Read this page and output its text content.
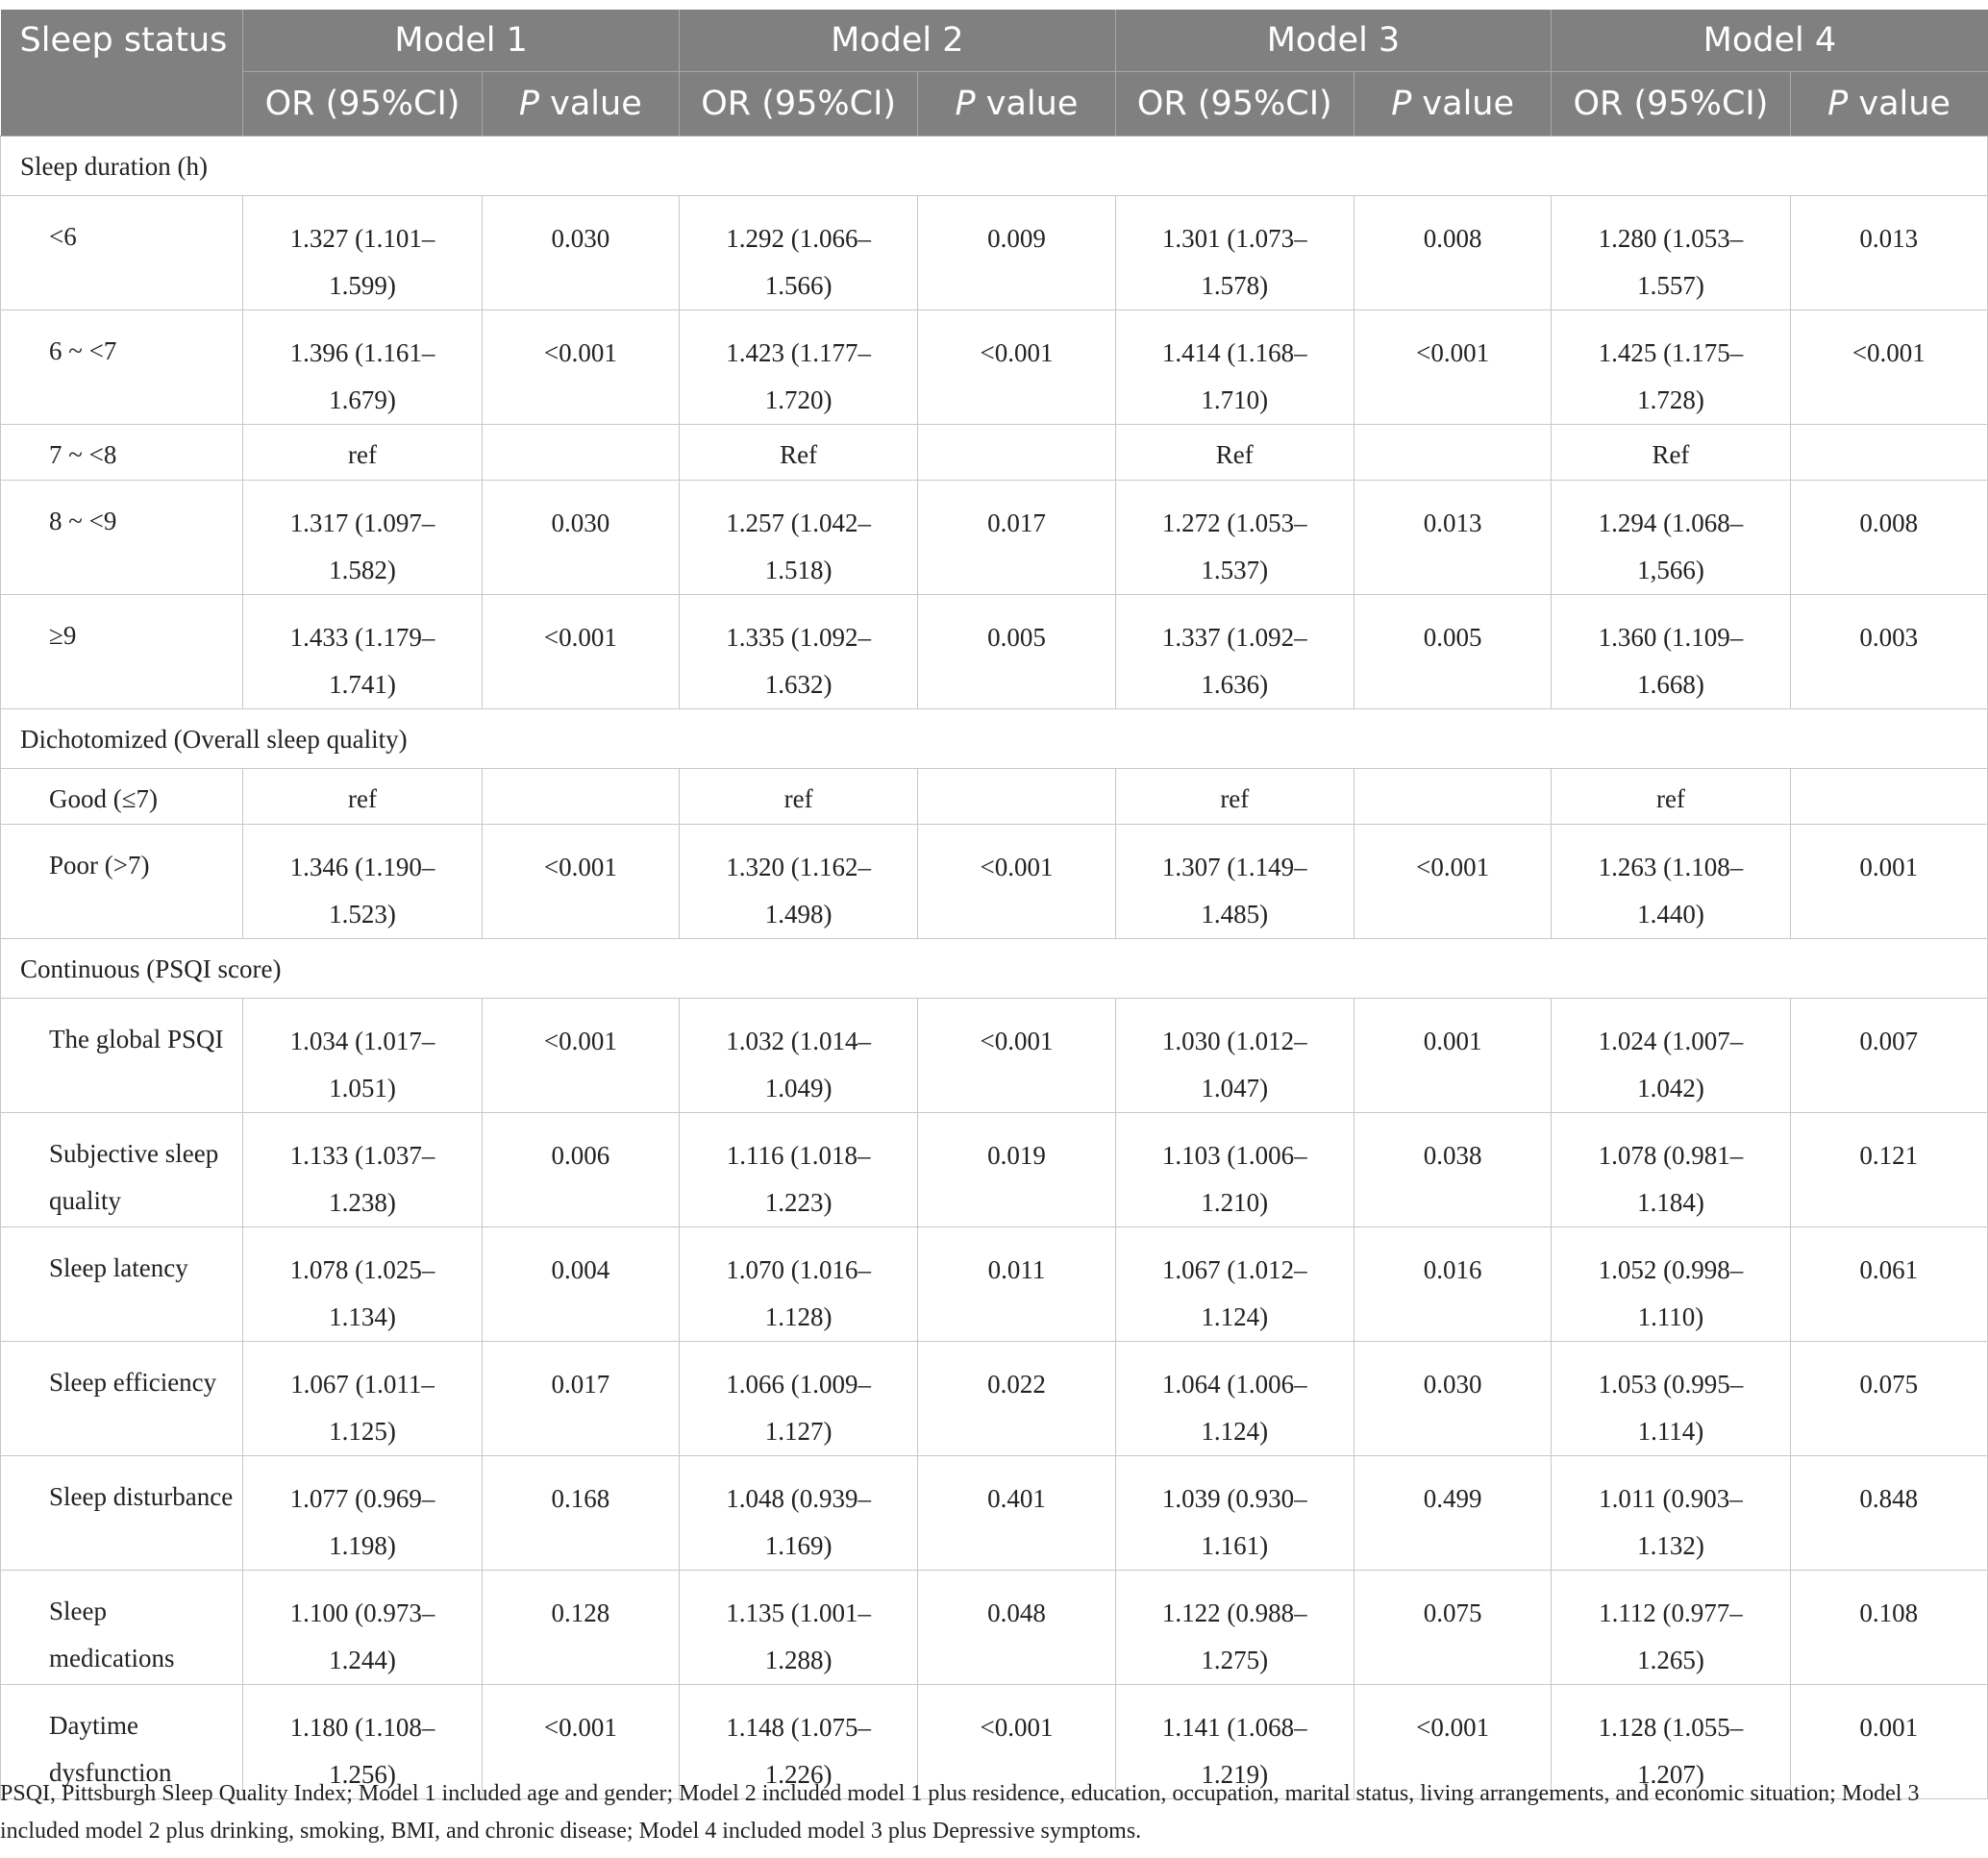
Sleep status	Model 1		Model 2		Model 3		Model 4	
	OR (95%CI)	P value	OR (95%CI)	P value	OR (95%CI)	P value	OR (95%CI)	P value
Sleep duration (h)								
<6	1.327 (1.101–1.599)	0.030	1.292 (1.066–1.566)	0.009	1.301 (1.073–1.578)	0.008	1.280 (1.053–1.557)	0.013
6 ~ <7	1.396 (1.161–1.679)	<0.001	1.423 (1.177–1.720)	<0.001	1.414 (1.168–1.710)	<0.001	1.425 (1.175–1.728)	<0.001
7 ~ <8	ref		Ref		Ref		Ref	
8 ~ <9	1.317 (1.097–1.582)	0.030	1.257 (1.042–1.518)	0.017	1.272 (1.053–1.537)	0.013	1.294 (1.068–1,566)	0.008
≥9	1.433 (1.179–1.741)	<0.001	1.335 (1.092–1.632)	0.005	1.337 (1.092–1.636)	0.005	1.360 (1.109–1.668)	0.003
Dichotomized (Overall sleep quality)								
Good (≤7)	ref		ref		ref		ref	
Poor (>7)	1.346 (1.190–1.523)	<0.001	1.320 (1.162–1.498)	<0.001	1.307 (1.149–1.485)	<0.001	1.263 (1.108–1.440)	0.001
Continuous (PSQI score)								
The global PSQI	1.034 (1.017–1.051)	<0.001	1.032 (1.014–1.049)	<0.001	1.030 (1.012–1.047)	0.001	1.024 (1.007–1.042)	0.007
Subjective sleep quality	1.133 (1.037–1.238)	0.006	1.116 (1.018–1.223)	0.019	1.103 (1.006–1.210)	0.038	1.078 (0.981–1.184)	0.121
Sleep latency	1.078 (1.025–1.134)	0.004	1.070 (1.016–1.128)	0.011	1.067 (1.012–1.124)	0.016	1.052 (0.998–1.110)	0.061
Sleep efficiency	1.067 (1.011–1.125)	0.017	1.066 (1.009–1.127)	0.022	1.064 (1.006–1.124)	0.030	1.053 (0.995–1.114)	0.075
Sleep disturbance	1.077 (0.969–1.198)	0.168	1.048 (0.939–1.169)	0.401	1.039 (0.930–1.161)	0.499	1.011 (0.903–1.132)	0.848
Sleep medications	1.100 (0.973–1.244)	0.128	1.135 (1.001–1.288)	0.048	1.122 (0.988–1.275)	0.075	1.112 (0.977–1.265)	0.108
Daytime dysfunction	1.180 (1.108–1.256)	<0.001	1.148 (1.075–1.226)	<0.001	1.141 (1.068–1.219)	<0.001	1.128 (1.055–1.207)	0.001
PSQI, Pittsburgh Sleep Quality Index; Model 1 included age and gender; Model 2 included model 1 plus residence, education, occupation, marital status, living arrangements, and economic situation; Model 3 included model 2 plus drinking, smoking, BMI, and chronic disease; Model 4 included model 3 plus Depressive symptoms.
